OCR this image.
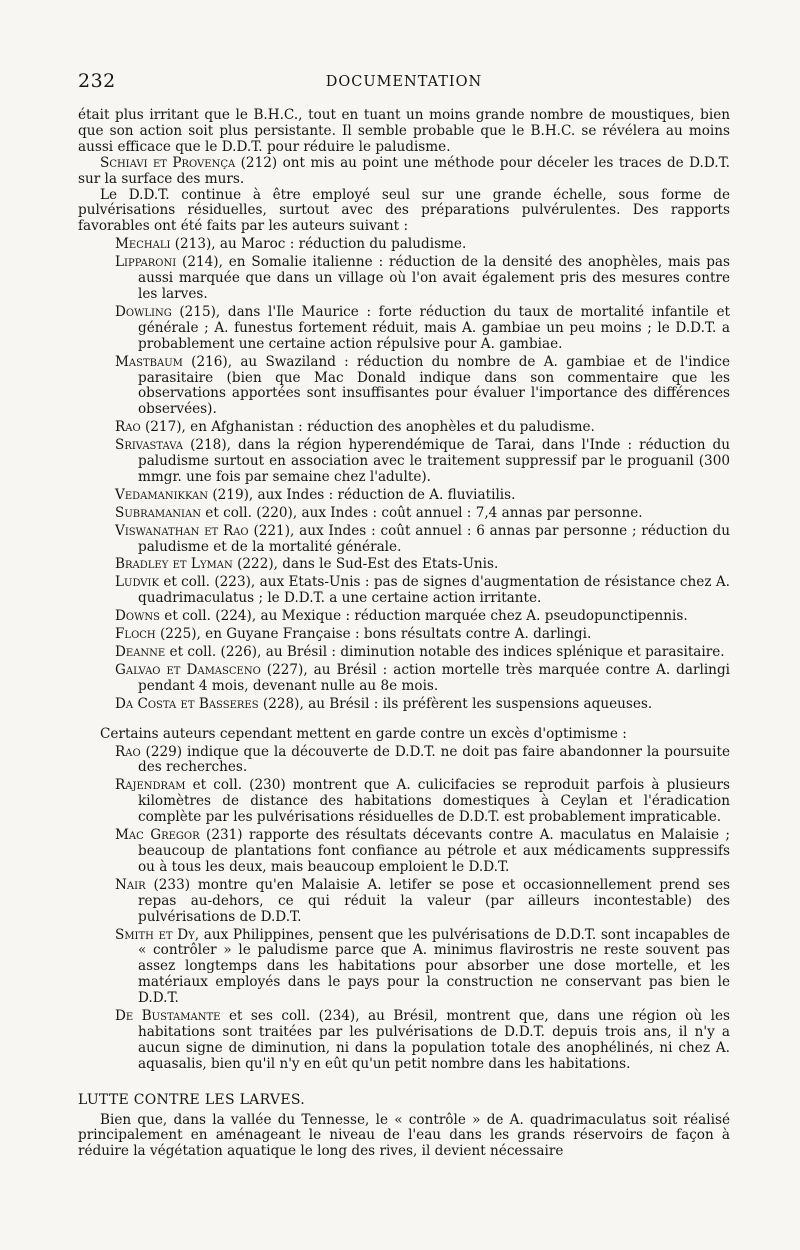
232	DOCUMENTATION

était plus irritant que le B.H.C., tout en tuant un moins grande nombre de moustiques, bien que son action soit plus persistante. Il semble probable que le B.H.C. se révélera au moins aussi efficace que le D.D.T. pour réduire le paludisme.

Schiavi et Provença (212) ont mis au point une méthode pour déceler les traces de D.D.T. sur la surface des murs.

Le D.D.T. continue à être employé seul sur une grande échelle, sous forme de pulvérisations résiduelles, surtout avec des préparations pulvérulentes. Des rapports favorables ont été faits par les auteurs suivant :

Mechali (213), au Maroc : réduction du paludisme.

Lipparoni (214), en Somalie italienne : réduction de la densité des anophèles, mais pas aussi marquée que dans un village où l'on avait également pris des mesures contre les larves.

Dowling (215), dans l'Ile Maurice : forte réduction du taux de mortalité infantile et générale ; A. funestus fortement réduit, mais A. gambiae un peu moins ; le D.D.T. a probablement une certaine action répulsive pour A. gambiae.

Mastbaum (216), au Swaziland : réduction du nombre de A. gambiae et de l'indice parasitaire (bien que Mac Donald indique dans son commentaire que les observations apportées sont insuffisantes pour évaluer l'importance des différences observées).

Rao (217), en Afghanistan : réduction des anophèles et du paludisme.

Srivastava (218), dans la région hyperendémique de Tarai, dans l'Inde : réduction du paludisme surtout en association avec le traitement suppressif par le proguanil (300 mmgr. une fois par semaine chez l'adulte).

Vedamanikkan (219), aux Indes : réduction de A. fluviatilis.

Subramanian et coll. (220), aux Indes : coût annuel : 7,4 annas par personne.

Viswanathan et Rao (221), aux Indes : coût annuel : 6 annas par personne ; réduction du paludisme et de la mortalité générale.

Bradley et Lyman (222), dans le Sud-Est des Etats-Unis.

Ludvik et coll. (223), aux Etats-Unis : pas de signes d'augmentation de résistance chez A. quadrimaculatus ; le D.D.T. a une certaine action irritante.

Downs et coll. (224), au Mexique : réduction marquée chez A. pseudopunctipennis.

Floch (225), en Guyane Française : bons résultats contre A. darlingi.

Deanne et coll. (226), au Brésil : diminution notable des indices splénique et parasitaire.

Galvao et Damasceno (227), au Brésil : action mortelle très marquée contre A. darlingi pendant 4 mois, devenant nulle au 8e mois.

Da Costa et Basseres (228), au Brésil : ils préfèrent les suspensions aqueuses.

Certains auteurs cependant mettent en garde contre un excès d'optimisme :

Rao (229) indique que la découverte de D.D.T. ne doit pas faire abandonner la poursuite des recherches.

Rajendram et coll. (230) montrent que A. culicifacies se reproduit parfois à plusieurs kilomètres de distance des habitations domestiques à Ceylan et l'éradication complète par les pulvérisations résiduelles de D.D.T. est probablement impraticable.

Mac Gregor (231) rapporte des résultats décevants contre A. maculatus en Malaisie ; beaucoup de plantations font confiance au pétrole et aux médicaments suppressifs ou à tous les deux, mais beaucoup emploient le D.D.T.

Nair (233) montre qu'en Malaisie A. letifer se pose et occasionnellement prend ses repas au-dehors, ce qui réduit la valeur (par ailleurs incontestable) des pulvérisations de D.D.T.

Smith et Dy, aux Philippines, pensent que les pulvérisations de D.D.T. sont incapables de « contrôler » le paludisme parce que A. minimus flavirostris ne reste souvent pas assez longtemps dans les habitations pour absorber une dose mortelle, et les matériaux employés dans le pays pour la construction ne conservant pas bien le D.D.T.

De Bustamante et ses coll. (234), au Brésil, montrent que, dans une région où les habitations sont traitées par les pulvérisations de D.D.T. depuis trois ans, il n'y a aucun signe de diminution, ni dans la population totale des anophélinés, ni chez A. aquasalis, bien qu'il n'y en eût qu'un petit nombre dans les habitations.

LUTTE CONTRE LES LARVES.

Bien que, dans la vallée du Tennesse, le « contrôle » de A. quadrimaculatus soit réalisé principalement en aménageant le niveau de l'eau dans les grands réservoirs de façon à réduire la végétation aquatique le long des rives, il devient nécessaire
